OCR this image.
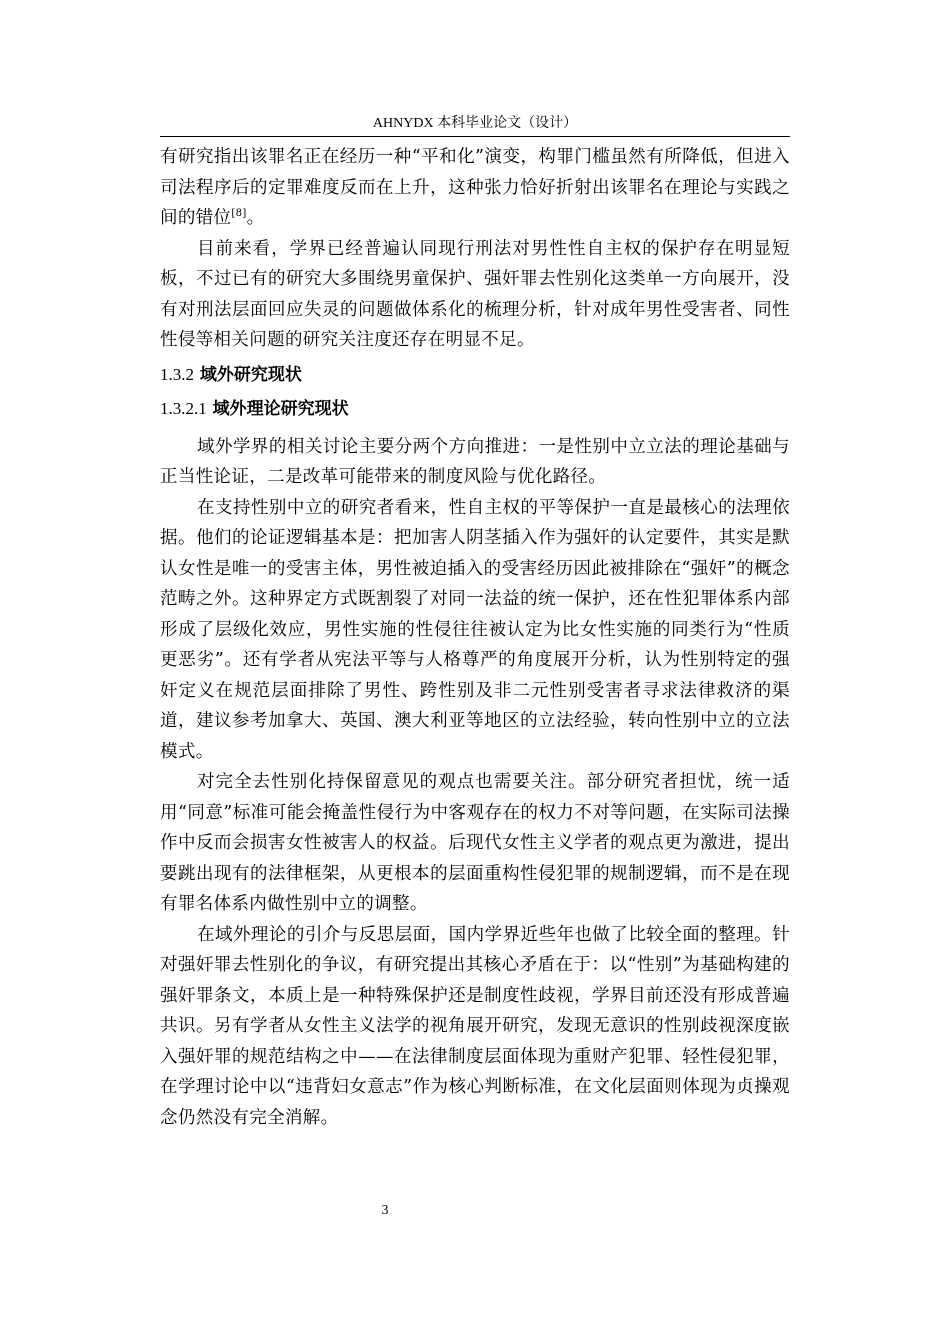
AHNYDX 本科毕业论文（设计）

有研究指出该罪名正在经历一种“平和化”演变，构罪门槛虽然有所降低，但进入司法程序后的定罪难度反而在上升，这种张力恰好折射出该罪名在理论与实践之间的错位[8]。

目前来看，学界已经普遍认同现行刑法对男性性自主权的保护存在明显短板，不过已有的研究大多围绕男童保护、强奸罪去性别化这类单一方向展开，没有对刑法层面回应失灵的问题做体系化的梳理分析，针对成年男性受害者、同性性侵等相关问题的研究关注度还存在明显不足。

1.3.2 域外研究现状
1.3.2.1 域外理论研究现状

域外学界的相关讨论主要分两个方向推进：一是性别中立立法的理论基础与正当性论证，二是改革可能带来的制度风险与优化路径。

在支持性别中立的研究者看来，性自主权的平等保护一直是最核心的法理依据。他们的论证逻辑基本是：把加害人阴茎插入作为强奸的认定要件，其实是默认女性是唯一的受害主体，男性被迫插入的受害经历因此被排除在“强奸”的概念范畴之外。这种界定方式既割裂了对同一法益的统一保护，还在性犯罪体系内部形成了层级化效应，男性实施的性侵往往被认定为比女性实施的同类行为“性质更恶劣”。还有学者从宪法平等与人格尊严的角度展开分析，认为性别特定的强奸定义在规范层面排除了男性、跨性别及非二元性别受害者寻求法律救济的渠道，建议参考加拿大、英国、澳大利亚等地区的立法经验，转向性别中立的立法模式。

对完全去性别化持保留意见的观点也需要关注。部分研究者担忧，统一适用“同意”标准可能会掩盖性侵行为中客观存在的权力不对等问题，在实际司法操作中反而会损害女性被害人的权益。后现代女性主义学者的观点更为激进，提出要跳出现有的法律框架，从更根本的层面重构性侵犯罪的规制逻辑，而不是在现有罪名体系内做性别中立的调整。

在域外理论的引介与反思层面，国内学界近些年也做了比较全面的整理。针对强奸罪去性别化的争议，有研究提出其核心矛盾在于：以“性别”为基础构建的强奸罪条文，本质上是一种特殊保护还是制度性歧视，学界目前还没有形成普遍共识。另有学者从女性主义法学的视角展开研究，发现无意识的性别歧视深度嵌入强奸罪的规范结构之中——在法律制度层面体现为重财产犯罪、轻性侵犯罪，在学理讨论中以“违背妇女意志”作为核心判断标准，在文化层面则体现为贞操观念仍然没有完全消解。

3
